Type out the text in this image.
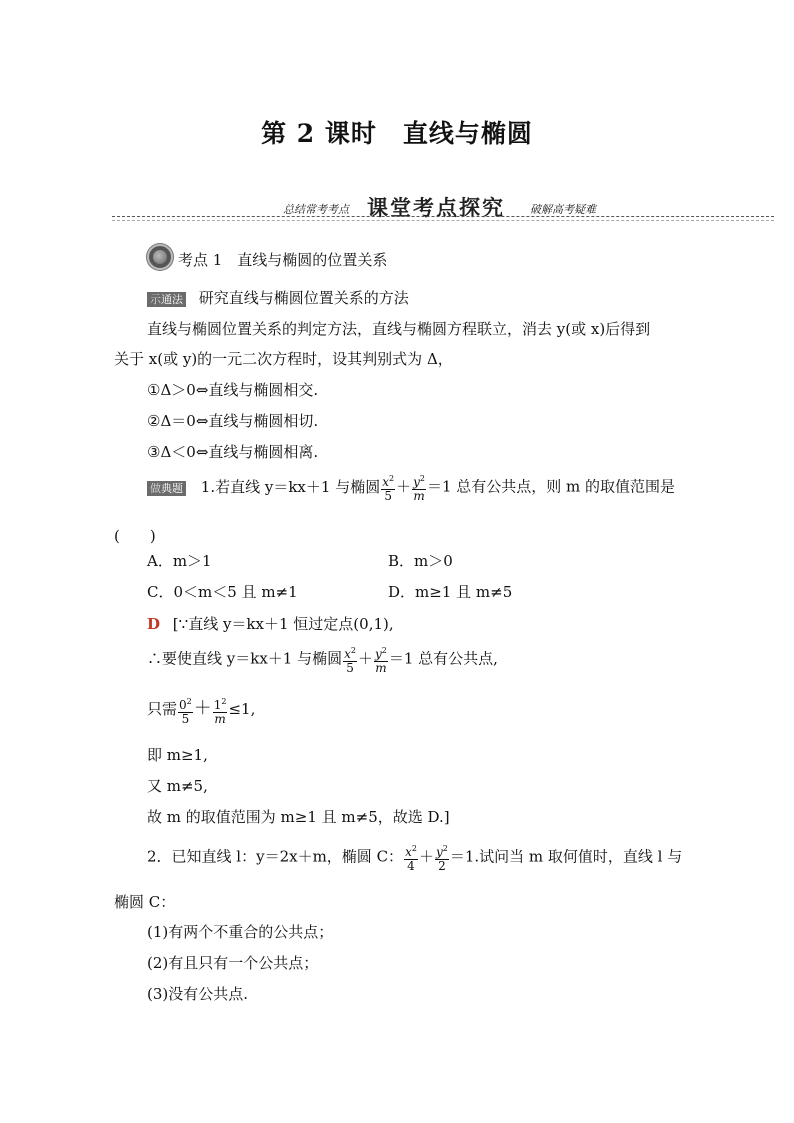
第 2 课时　直线与椭圆
总结常考考点 课堂考点探究 破解高考疑难
考点 1　直线与椭圆的位置关系
示通法 研究直线与椭圆位置关系的方法
直线与椭圆位置关系的判定方法，直线与椭圆方程联立，消去 y(或 x)后得到
关于 x(或 y)的一元二次方程时，设其判别式为 Δ，
①Δ＞0⇔直线与椭圆相交.
②Δ＝0⇔直线与椭圆相切.
③Δ＜0⇔直线与椭圆相离.
做典题 1.若直线 y＝kx＋1 与椭圆 $\frac{x^2}{5} + \frac{y^2}{m} =1$ 总有公共点，则 m 的取值范围是
(　　)
A．m＞1	B．m＞0
C．0＜m＜5 且 m≠1	D．m≥1 且 m≠5
D [∵直线 y＝kx＋1 恒过定点(0,1),
∴要使直线 y＝kx＋1 与椭圆 $\frac{x^2}{5} + \frac{y^2}{m} =1$ 总有公共点,
只需 $\frac{0^2}{5} + \frac{1^2}{m} \le 1$,
即 m≥1,
又 m≠5,
故 m 的取值范围为 m≥1 且 m≠5，故选 D.]
2．已知直线 l：y＝2x＋m，椭圆 C： $\frac{x^2}{4} + \frac{y^2}{2} =1$.试问当 m 取何值时，直线 l 与
椭圆 C：
(1)有两个不重合的公共点；
(2)有且只有一个公共点；
(3)没有公共点.
